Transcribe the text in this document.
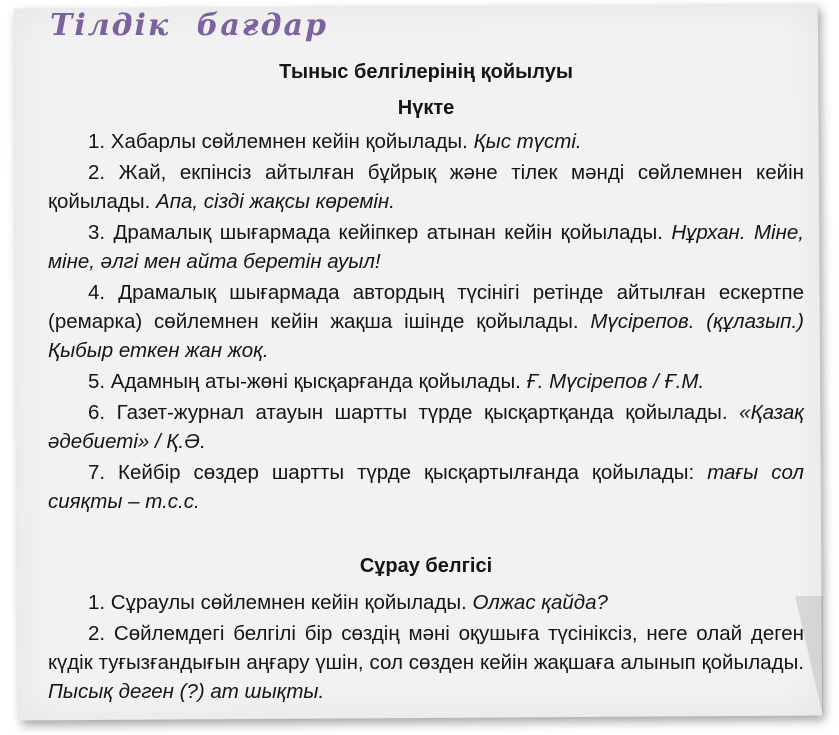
Тілдік бағдар
Тыныс белгілерінің қойылуы
Нүкте

1. Хабарлы сөйлемнен кейін қойылады. Қыс түсті.

2. Жай, екпінсіз айтылған бұйрық және тілек мәнді сөйлемнен кейін қойылады. Апа, сізді жақсы көремін.

3. Драмалық шығармада кейіпкер атынан кейін қойылады. Нұрхан. Міне, міне, әлгі мен айта беретін ауыл!

4. Драмалық шығармада автордың түсінігі ретінде айтылған ескертпе (ремарка) сөйлемнен кейін жақша ішінде қойылады. Мүсірепов. (құлазып.) Қыбыр еткен жан жоқ.

5. Адамның аты-жөні қысқарғанда қойылады. Ғ. Мүсірепов / Ғ.М.

6. Газет-журнал атауын шартты түрде қысқартқанда қойылады. «Қазақ әдебиеті» / Қ.Ә.

7. Кейбір сөздер шартты түрде қысқартылғанда қойылады: тағы сол сияқты – т.с.с.

Сұрау белгісі

1. Сұраулы сөйлемнен кейін қойылады. Олжас қайда?

2. Сөйлемдегі белгілі бір сөздің мәні оқушыға түсініксіз, неге олай деген күдік туғызғандығын аңғару үшін, сол сөзден кейін жақшаға алынып қойылады. Пысық деген (?) ат шықты.
